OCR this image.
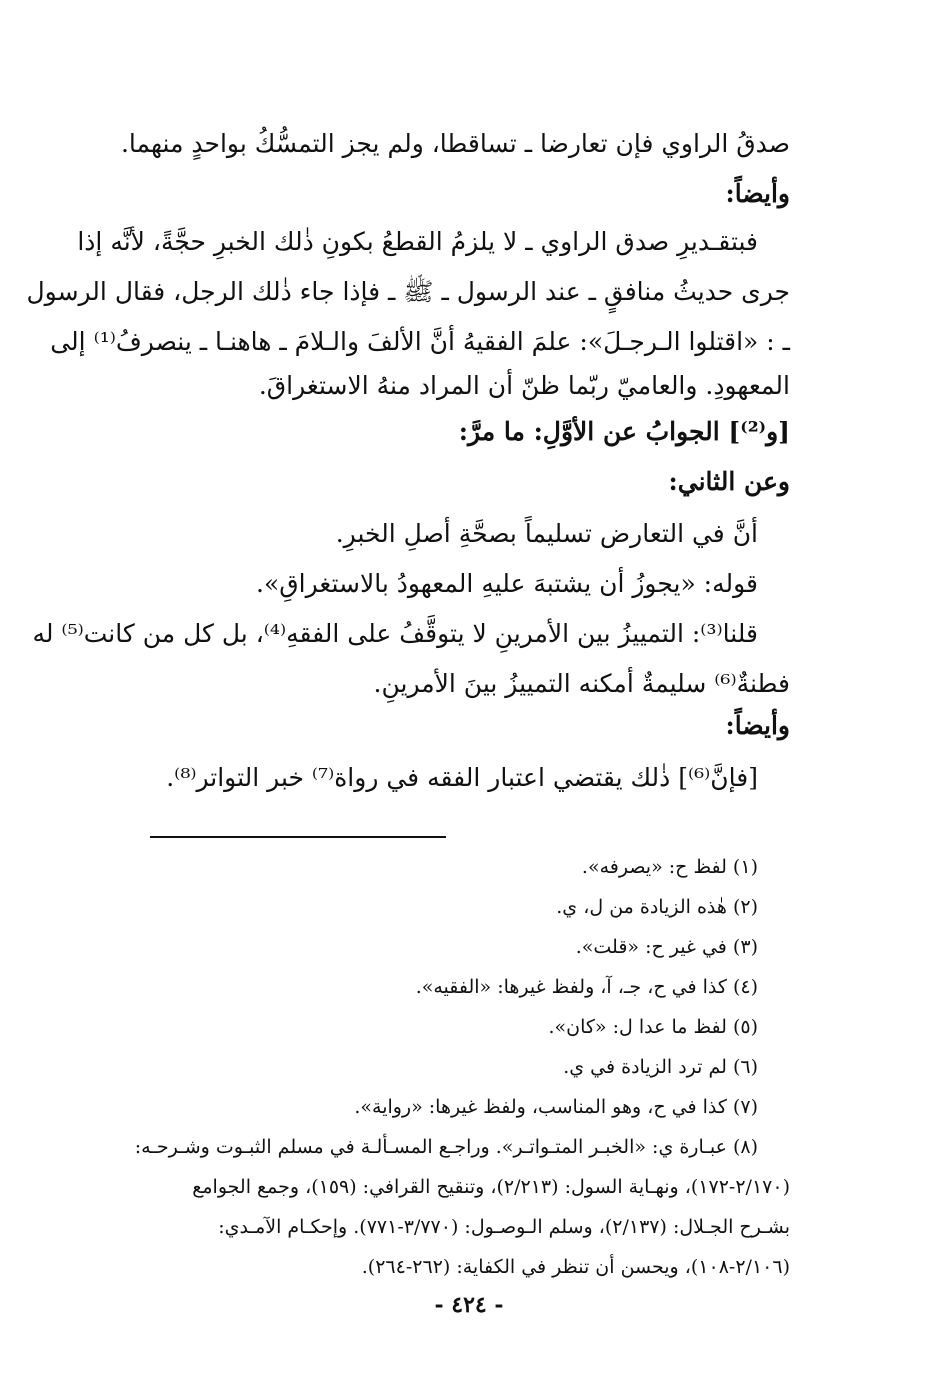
صدقُ الراوي فإن تعارضا ـ تساقطا، ولم يجز التمسُّكُ بواحدٍ منهما.
وأيضاً:
فبتقـديرِ صدق الراوي ـ لا يلزمُ القطعُ بكونِ ذٰلك الخبرِ حجَّةً، لأنَّه إذا
جرى حديثُ منافقٍ ـ عند الرسول ـ ﷺ ـ فإذا جاء ذٰلك الرجل، فقال الرسول
ـ : «اقتلوا الـرجـلَ»: علمَ الفقيهُ أنَّ الألفَ والـلامَ ـ هاهنـا ـ ينصرفُ⁽¹⁾ إلى
المعهودِ. والعاميّ ربّما ظنّ أن المراد منهُ الاستغراقَ.
[و⁽²⁾] الجوابُ عن الأوَّلِ: ما مرَّ:
وعن الثاني:
أنَّ في التعارض تسليماً بصحَّةِ أصلِ الخبرِ.
قوله: «يجوزُ أن يشتبهَ عليهِ المعهودُ بالاستغراقِ».
قلنا⁽³⁾: التمييزُ بين الأمرينِ لا يتوقَّفُ على الفقهِ⁽⁴⁾، بل كل من كانت⁽⁵⁾ له
فطنةٌ⁽⁶⁾ سليمةٌ أمكنه التمييزُ بينَ الأمرينِ.
وأيضاً:
[فإنَّ⁽⁶⁾] ذٰلك يقتضي اعتبار الفقه في رواة⁽⁷⁾ خبر التواتر⁽⁸⁾.
(١) لفظ ح: «يصرفه».
(٢) هٰذه الزيادة من ل، ي.
(٣) في غير ح: «قلت».
(٤) كذا في ح، جـ، آ، ولفظ غيرها: «الفقيه».
(٥) لفظ ما عدا ل: «كان».
(٦) لم ترد الزيادة في ي.
(٧) كذا في ح، وهو المناسب، ولفظ غيرها: «رواية».
(٨) عبـارة ي: «الخبـر المتـواتـر». وراجـع المسـألـة في مسلم الثبـوت وشـرحـه:
(٢/١٧٠-١٧٢)، ونهـاية السول: (٢/٢١٣)، وتنقيح القرافي: (١٥٩)، وجمع الجوامع
بشـرح الجـلال: (٢/١٣٧)، وسلم الـوصـول: (٣/٧٧٠-٧٧١). وإحكـام الآمـدي:
(٢/١٠٦-١٠٨)، ويحسن أن تنظر في الكفاية: (٢٦٢-٢٦٤).
- ٤٢٤ -
